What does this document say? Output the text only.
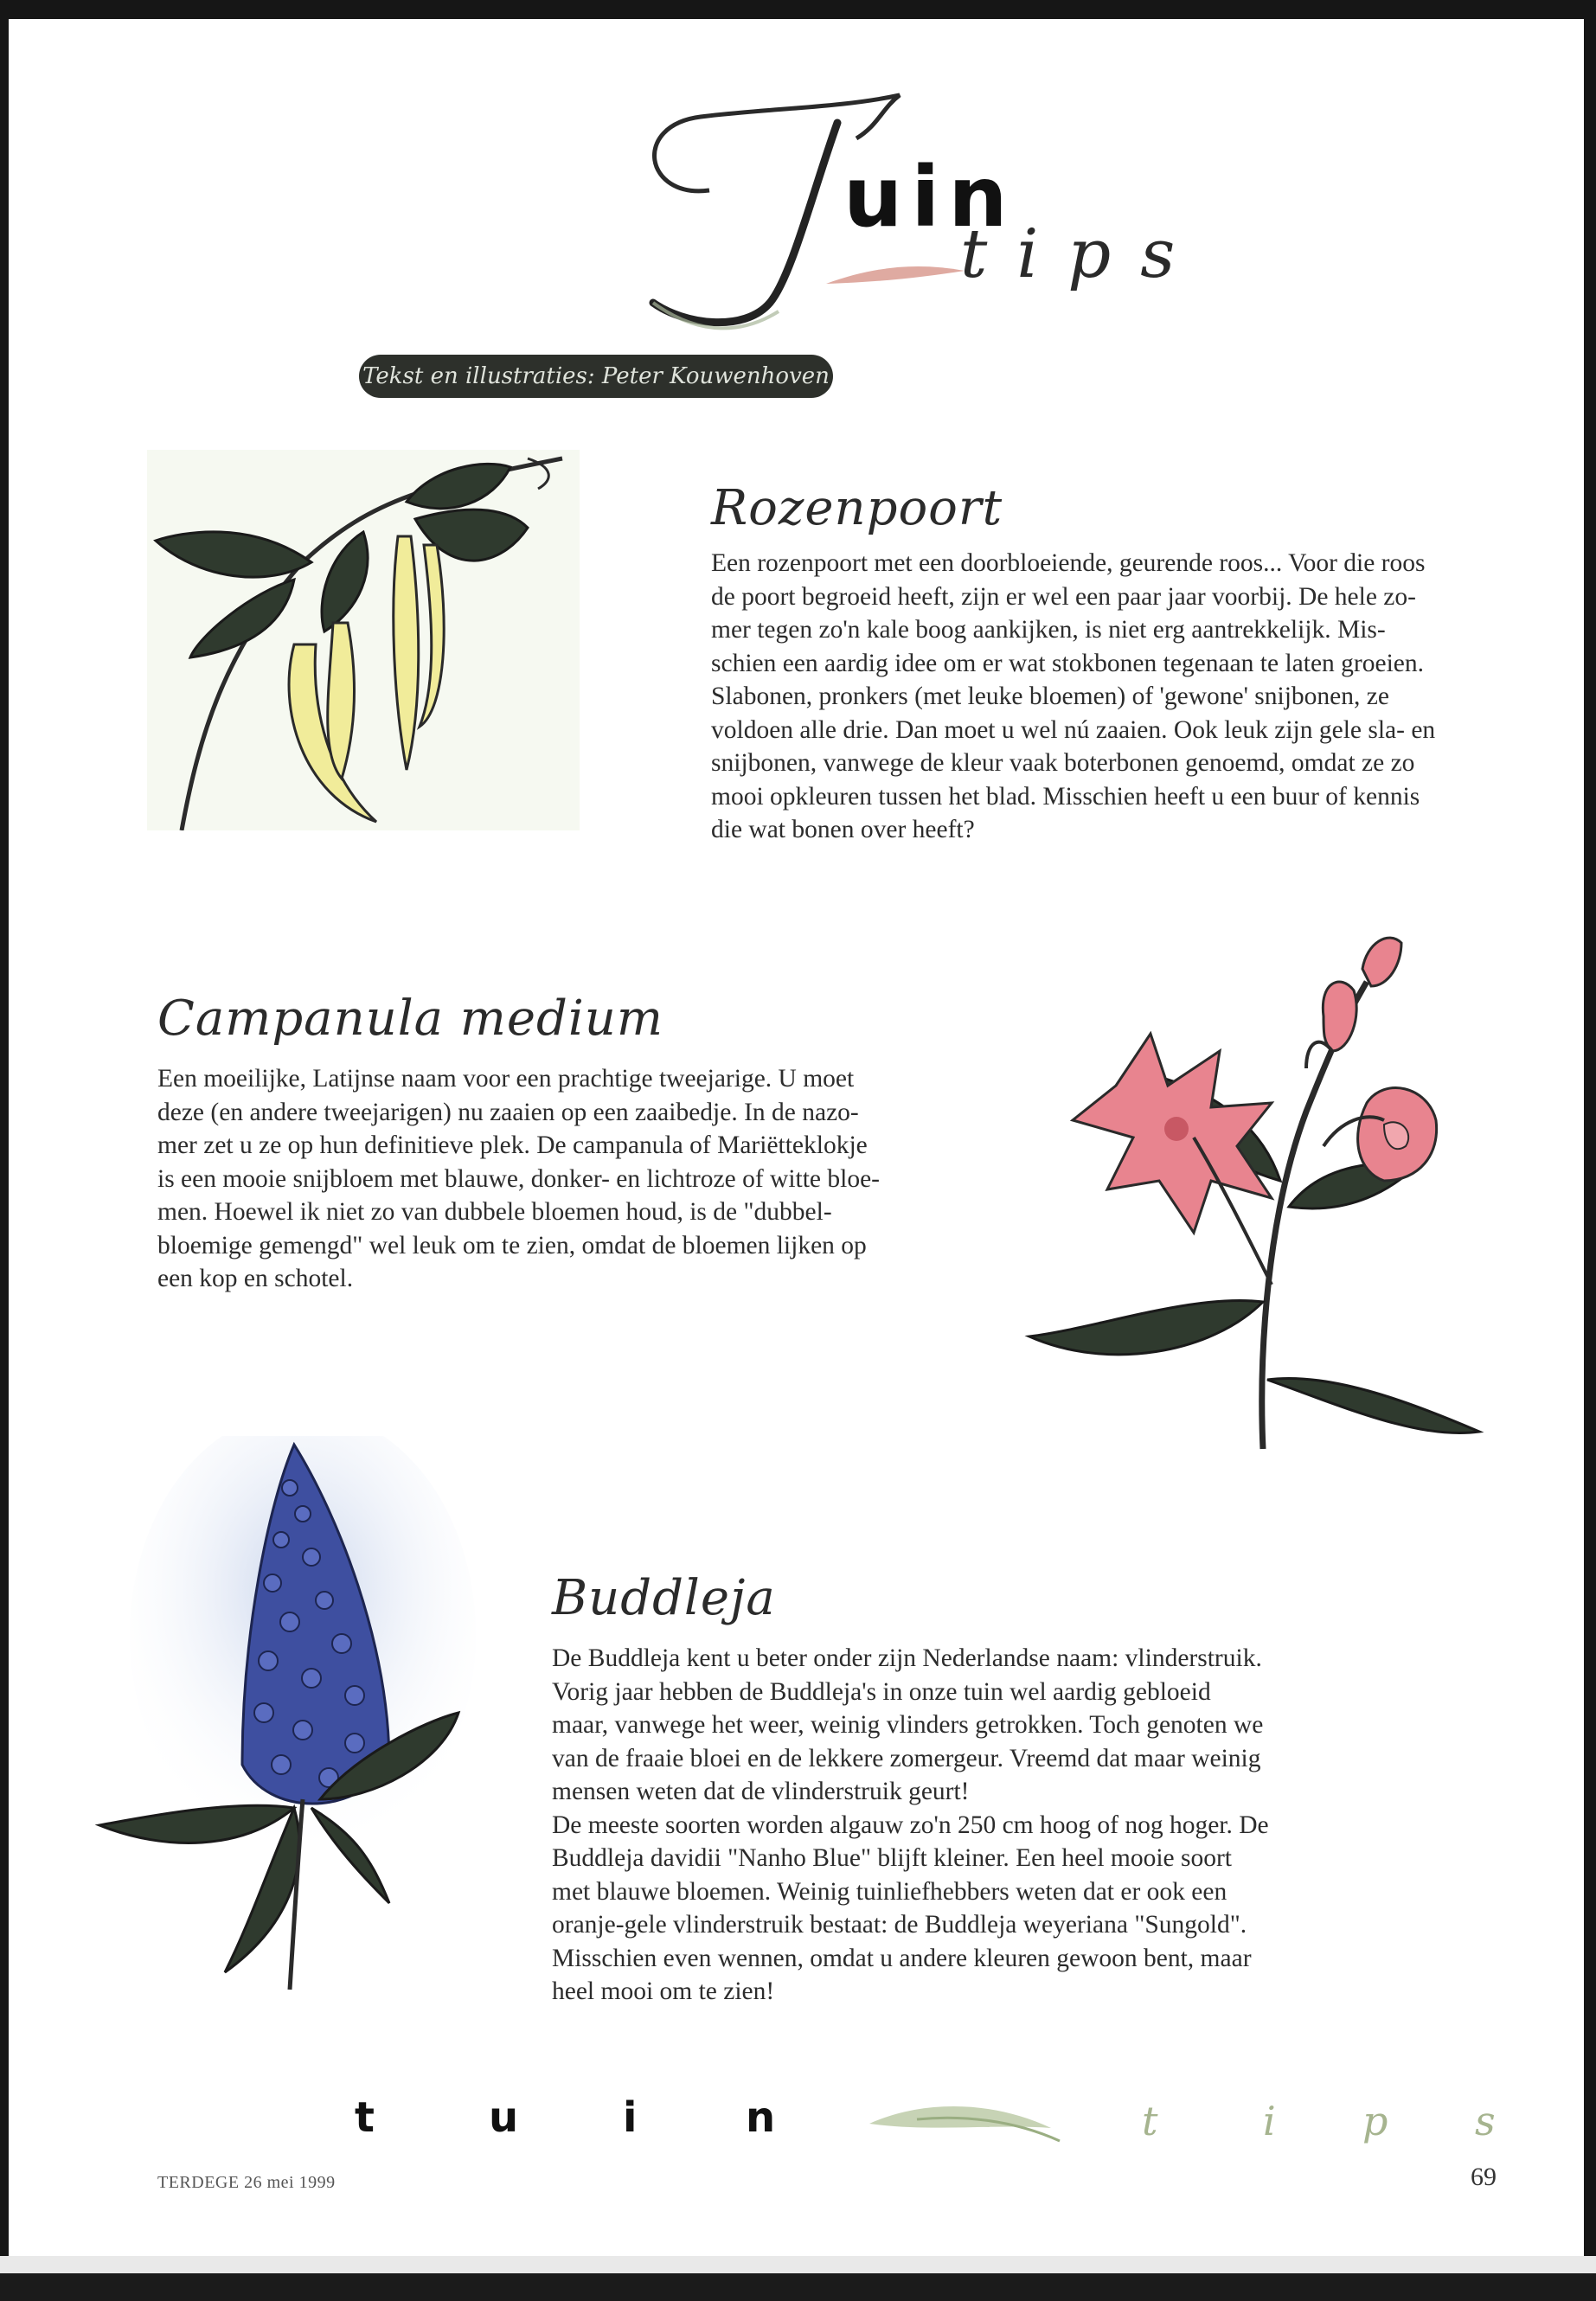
T uin
tips
Tekst en illustraties: Peter Kouwenhoven
Rozenpoort

Een rozenpoort met een doorbloeiende, geurende roos... Voor die roos
de poort begroeid heeft, zijn er wel een paar jaar voorbij. De hele zo-
mer tegen zo'n kale boog aankijken, is niet erg aantrekkelijk. Mis-
schien een aardig idee om er wat stokbonen tegenaan te laten groeien.
Slabonen, pronkers (met leuke bloemen) of 'gewone' snijbonen, ze
voldoen alle drie. Dan moet u wel nú zaaien. Ook leuk zijn gele sla- en
snijbonen, vanwege de kleur vaak boterbonen genoemd, omdat ze zo
mooi opkleuren tussen het blad. Misschien heeft u een buur of kennis
die wat bonen over heeft?

Campanula medium

Een moeilijke, Latijnse naam voor een prachtige tweejarige. U moet
deze (en andere tweejarigen) nu zaaien op een zaaibedje. In de nazo-
mer zet u ze op hun definitieve plek. De campanula of Mariëtteklokje
is een mooie snijbloem met blauwe, donker- en lichtroze of witte bloe-
men. Hoewel ik niet zo van dubbele bloemen houd, is de "dubbel-
bloemige gemengd" wel leuk om te zien, omdat de bloemen lijken op
een kop en schotel.

Buddleja

De Buddleja kent u beter onder zijn Nederlandse naam: vlinderstruik.
Vorig jaar hebben de Buddleja's in onze tuin wel aardig gebloeid
maar, vanwege het weer, weinig vlinders getrokken. Toch genoten we
van de fraaie bloei en de lekkere zomergeur. Vreemd dat maar weinig
mensen weten dat de vlinderstruik geurt!
De meeste soorten worden algauw zo'n 250 cm hoog of nog hoger. De
Buddleja davidii "Nanho Blue" blijft kleiner. Een heel mooie soort
met blauwe bloemen. Weinig tuinliefhebbers weten dat er ook een
oranje-gele vlinderstruik bestaat: de Buddleja weyeriana "Sungold".
Misschien even wennen, omdat u andere kleuren gewoon bent, maar
heel mooi om te zien!

t	u	i	n	t	i p s
TERDEGE 26 mei 1999	69
